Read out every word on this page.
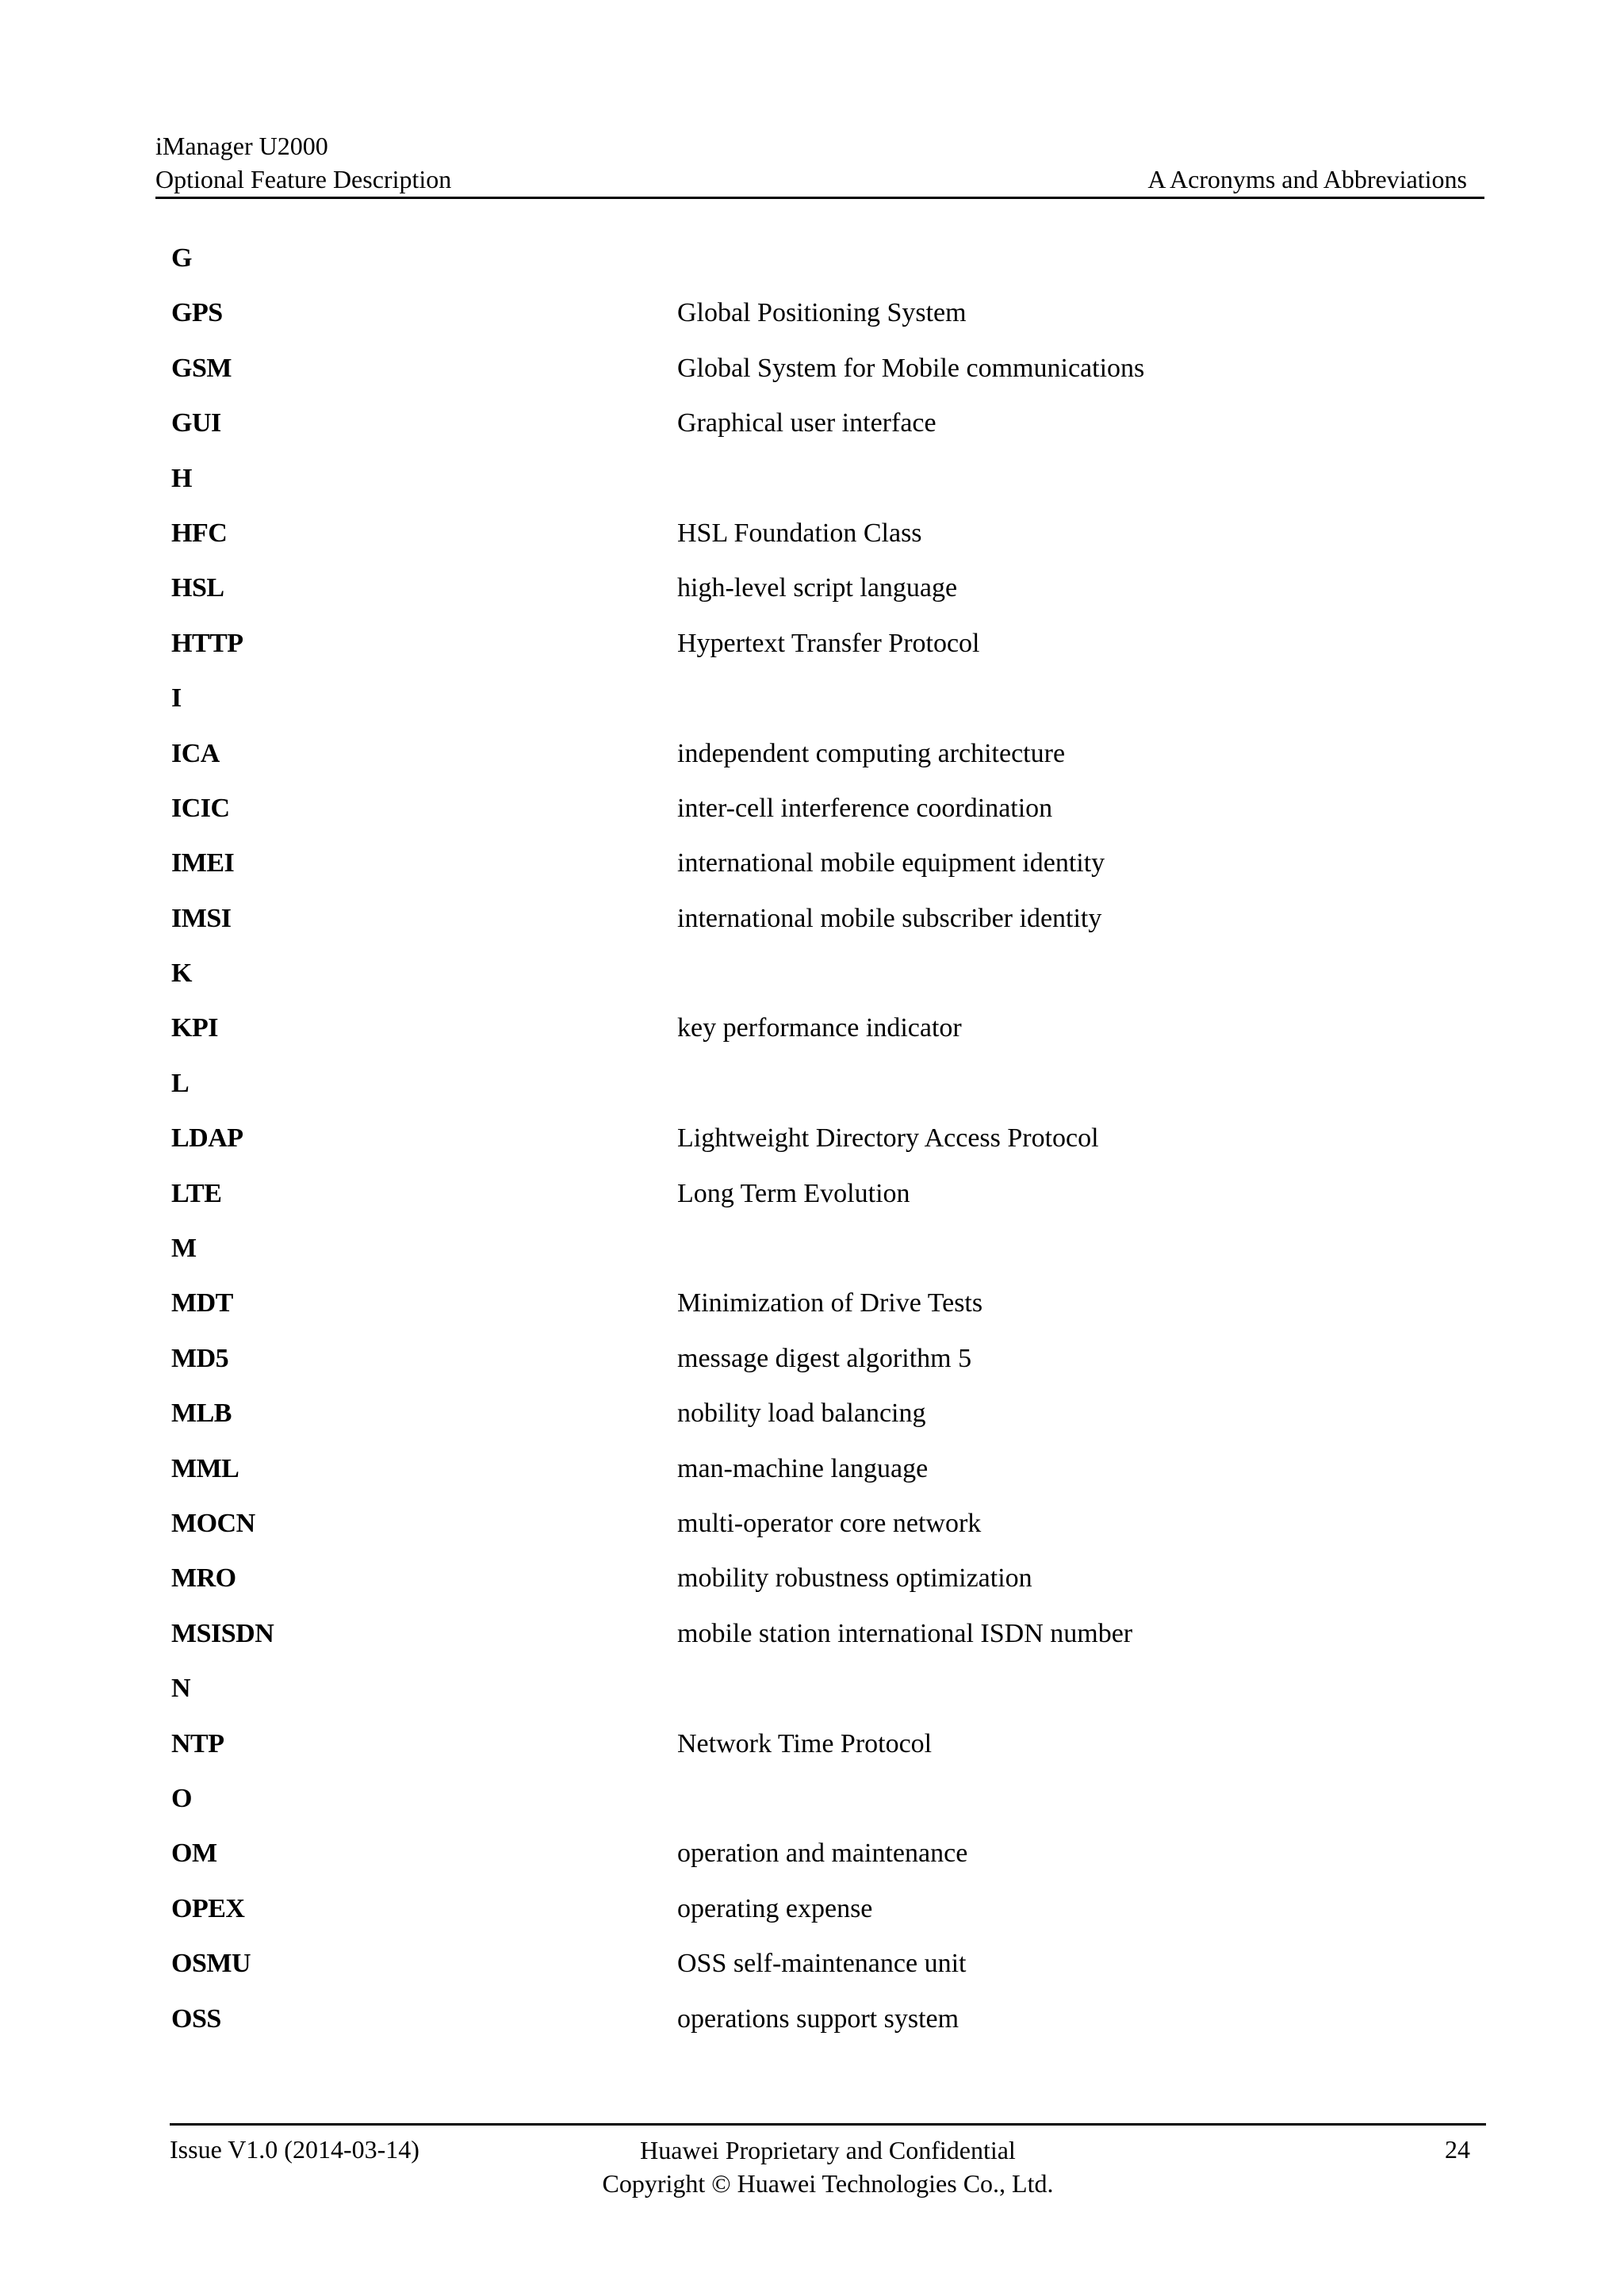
iManager U2000
Optional Feature Description	A Acronyms and Abbreviations
G
GPS	Global Positioning System
GSM	Global System for Mobile communications
GUI	Graphical user interface
H
HFC	HSL Foundation Class
HSL	high-level script language
HTTP	Hypertext Transfer Protocol
I
ICA	independent computing architecture
ICIC	inter-cell interference coordination
IMEI	international mobile equipment identity
IMSI	international mobile subscriber identity
K
KPI	key performance indicator
L
LDAP	Lightweight Directory Access Protocol
LTE	Long Term Evolution
M
MDT	Minimization of Drive Tests
MD5	message digest algorithm 5
MLB	nobility load balancing
MML	man-machine language
MOCN	multi-operator core network
MRO	mobility robustness optimization
MSISDN	mobile station international ISDN number
N
NTP	Network Time Protocol
O
OM	operation and maintenance
OPEX	operating expense
OSMU	OSS self-maintenance unit
OSS	operations support system
Issue V1.0 (2014-03-14)	Huawei Proprietary and Confidential
Copyright © Huawei Technologies Co., Ltd.
24
